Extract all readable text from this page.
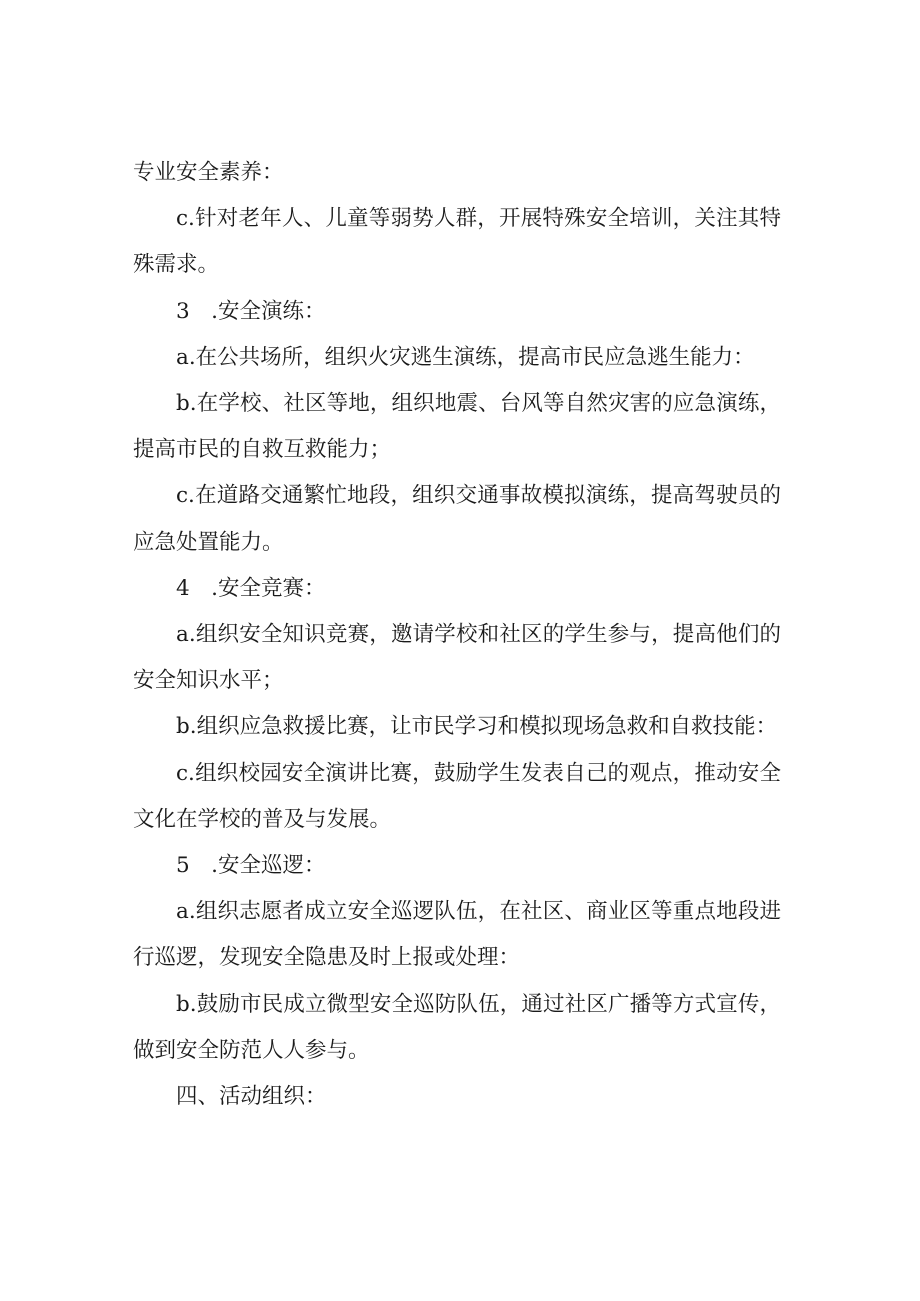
专业安全素养：

c.针对老年人、儿童等弱势人群，开展特殊安全培训，关注其特殊需求。

3　.安全演练：

a.在公共场所，组织火灾逃生演练，提高市民应急逃生能力：

b.在学校、社区等地，组织地震、台风等自然灾害的应急演练，提高市民的自救互救能力；

c.在道路交通繁忙地段，组织交通事故模拟演练，提高驾驶员的应急处置能力。

4　.安全竞赛：

a.组织安全知识竞赛，邀请学校和社区的学生参与，提高他们的安全知识水平；

b.组织应急救援比赛，让市民学习和模拟现场急救和自救技能：

c.组织校园安全演讲比赛，鼓励学生发表自己的观点，推动安全文化在学校的普及与发展。

5　.安全巡逻：

a.组织志愿者成立安全巡逻队伍，在社区、商业区等重点地段进行巡逻，发现安全隐患及时上报或处理：

b.鼓励市民成立微型安全巡防队伍，通过社区广播等方式宣传，做到安全防范人人参与。

四、活动组织：
